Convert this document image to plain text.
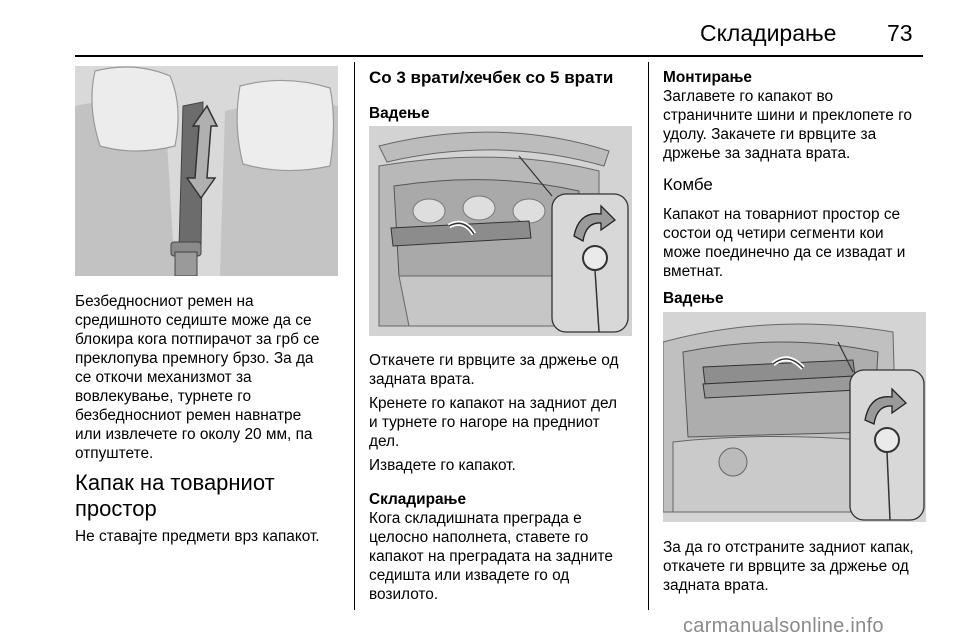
Складирање 73
Безбедносниот ремен на
средишното седиште може да се
блокира кога потпирачот за грб се
преклопува премногу брзо. За да
се откочи механизмот за
вовлекување, турнете го
безбедносниот ремен навнатре
или извлечете го околу 20 мм, па
отпуштете.
Капак на товарниот
простор
Не ставајте предмети врз капакот.
Со 3 врати/хечбек со 5 врати
Вадење
Откачете ги врвците за држење од
задната врата.
Кренете го капакот на задниот дел
и турнете го нагоре на предниот
дел.
Извадете го капакот.
Складирање
Кога складишната преграда е
целосно наполнета, ставете го
капакот на преградата на задните
седишта или извадете го од
возилото.
Монтирање
Заглавете го капакот во
страничните шини и преклопете го
удолу. Закачете ги врвците за
држење за задната врата.
Комбе
Капакот на товарниот простор се
состои од четири сегменти кои
може поединечно да се извадат и
вметнат.
Вадење
За да го отстраните задниот капак,
откачете ги врвците за држење од
задната врата.
carmanualsonline.info
